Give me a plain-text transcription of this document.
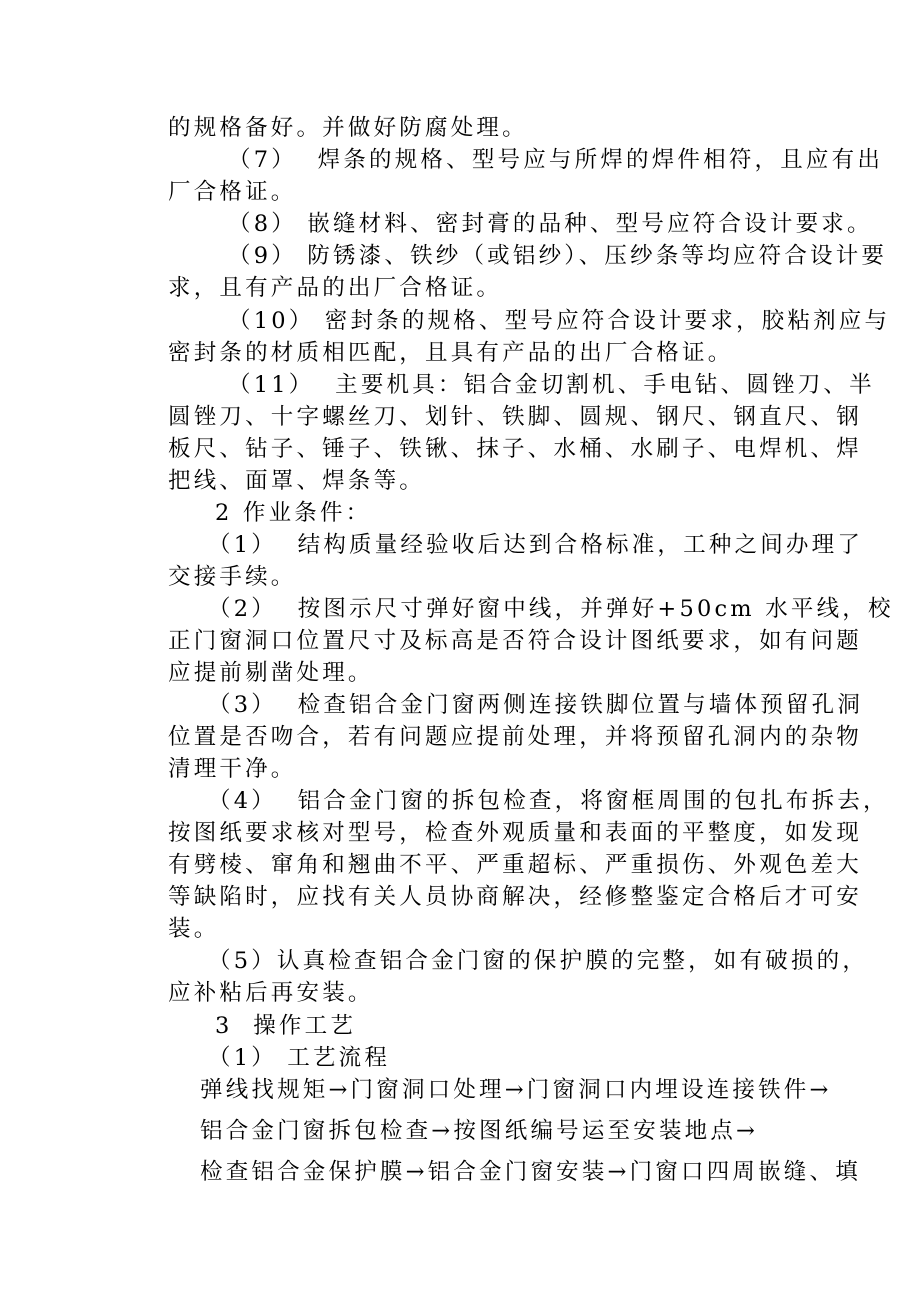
的规格备好。并做好防腐处理。
（7）  焊条的规格、型号应与所焊的焊件相符，且应有出
厂合格证。
（8） 嵌缝材料、密封膏的品种、型号应符合设计要求。
（9） 防锈漆、铁纱（或铝纱）、压纱条等均应符合设计要
求，且有产品的出厂合格证。
（10） 密封条的规格、型号应符合设计要求，胶粘剂应与
密封条的材质相匹配，且具有产品的出厂合格证。
（11）  主要机具：铝合金切割机、手电钻、圆锉刀、半
圆锉刀、十字螺丝刀、划针、铁脚、圆规、钢尺、钢直尺、钢
板尺、钻子、锤子、铁锹、抹子、水桶、水刷子、电焊机、焊
把线、面罩、焊条等。
2 作业条件：
（1）  结构质量经验收后达到合格标准，工种之间办理了
交接手续。
（2）  按图示尺寸弹好窗中线，并弹好+50cm 水平线，校
正门窗洞口位置尺寸及标高是否符合设计图纸要求，如有问题
应提前剔凿处理。
（3）  检查铝合金门窗两侧连接铁脚位置与墙体预留孔洞
位置是否吻合，若有问题应提前处理，并将预留孔洞内的杂物
清理干净。
（4）  铝合金门窗的拆包检查，将窗框周围的包扎布拆去，
按图纸要求核对型号，检查外观质量和表面的平整度，如发现
有劈棱、窜角和翘曲不平、严重超标、严重损伤、外观色差大
等缺陷时，应找有关人员协商解决，经修整鉴定合格后才可安
装。
（5）认真检查铝合金门窗的保护膜的完整，如有破损的，
应补粘后再安装。
3  操作工艺
（1） 工艺流程
弹线找规矩→门窗洞口处理→门窗洞口内埋设连接铁件→
铝合金门窗拆包检查→按图纸编号运至安装地点→
检查铝合金保护膜→铝合金门窗安装→门窗口四周嵌缝、填
